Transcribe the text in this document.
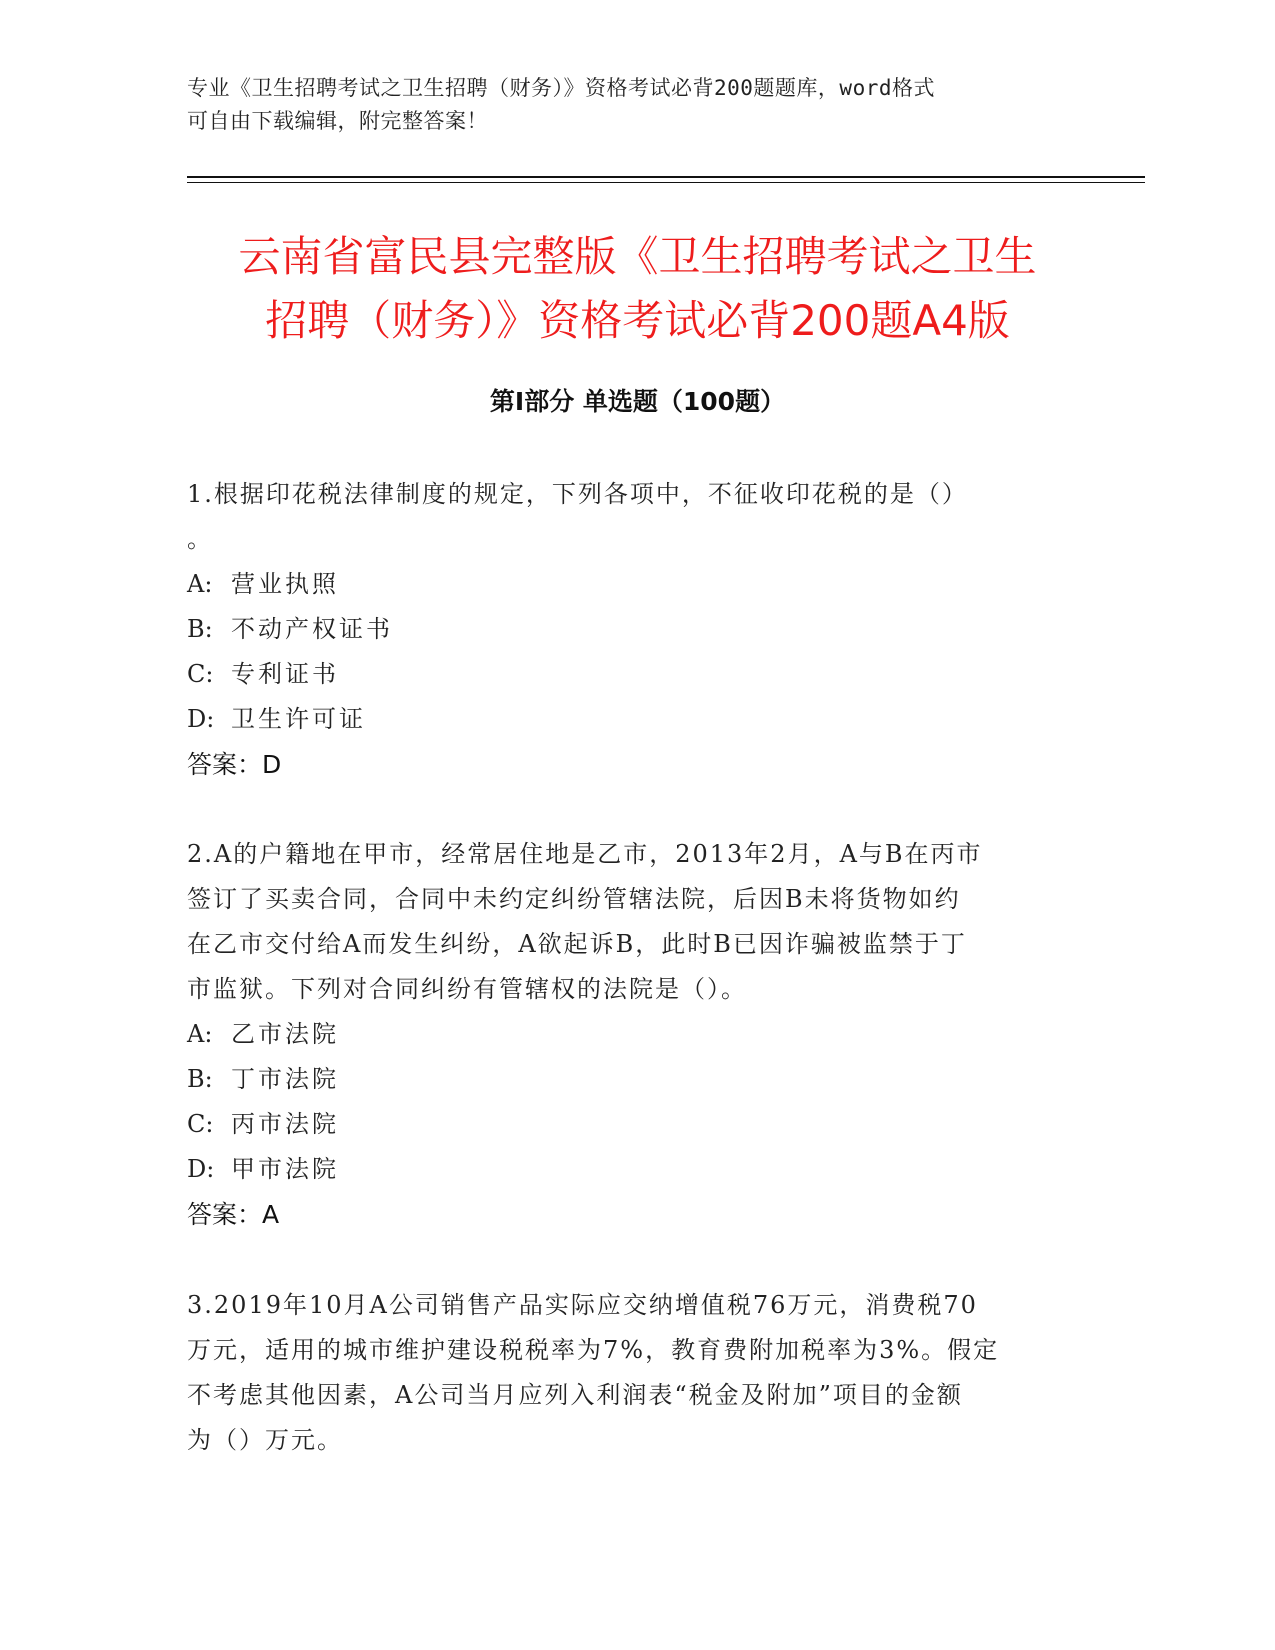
专业《卫生招聘考试之卫生招聘（财务）》资格考试必背200题题库，word格式
可自由下载编辑，附完整答案！
云南省富民县完整版《卫生招聘考试之卫生
招聘（财务）》资格考试必背200题A4版
第Ⅰ部分 单选题（100题）
1.根据印花税法律制度的规定，下列各项中，不征收印花税的是（）
。
A: 营业执照
B: 不动产权证书
C: 专利证书
D: 卫生许可证
答案：D
2.A的户籍地在甲市，经常居住地是乙市，2013年2月，A与B在丙市
签订了买卖合同，合同中未约定纠纷管辖法院，后因B未将货物如约
在乙市交付给A而发生纠纷，A欲起诉B，此时B已因诈骗被监禁于丁
市监狱。下列对合同纠纷有管辖权的法院是（）。
A: 乙市法院
B: 丁市法院
C: 丙市法院
D: 甲市法院
答案：A
3.2019年10月A公司销售产品实际应交纳增值税76万元，消费税70
万元，适用的城市维护建设税税率为7%，教育费附加税率为3%。假定
不考虑其他因素，A公司当月应列入利润表“税金及附加”项目的金额
为（）万元。
